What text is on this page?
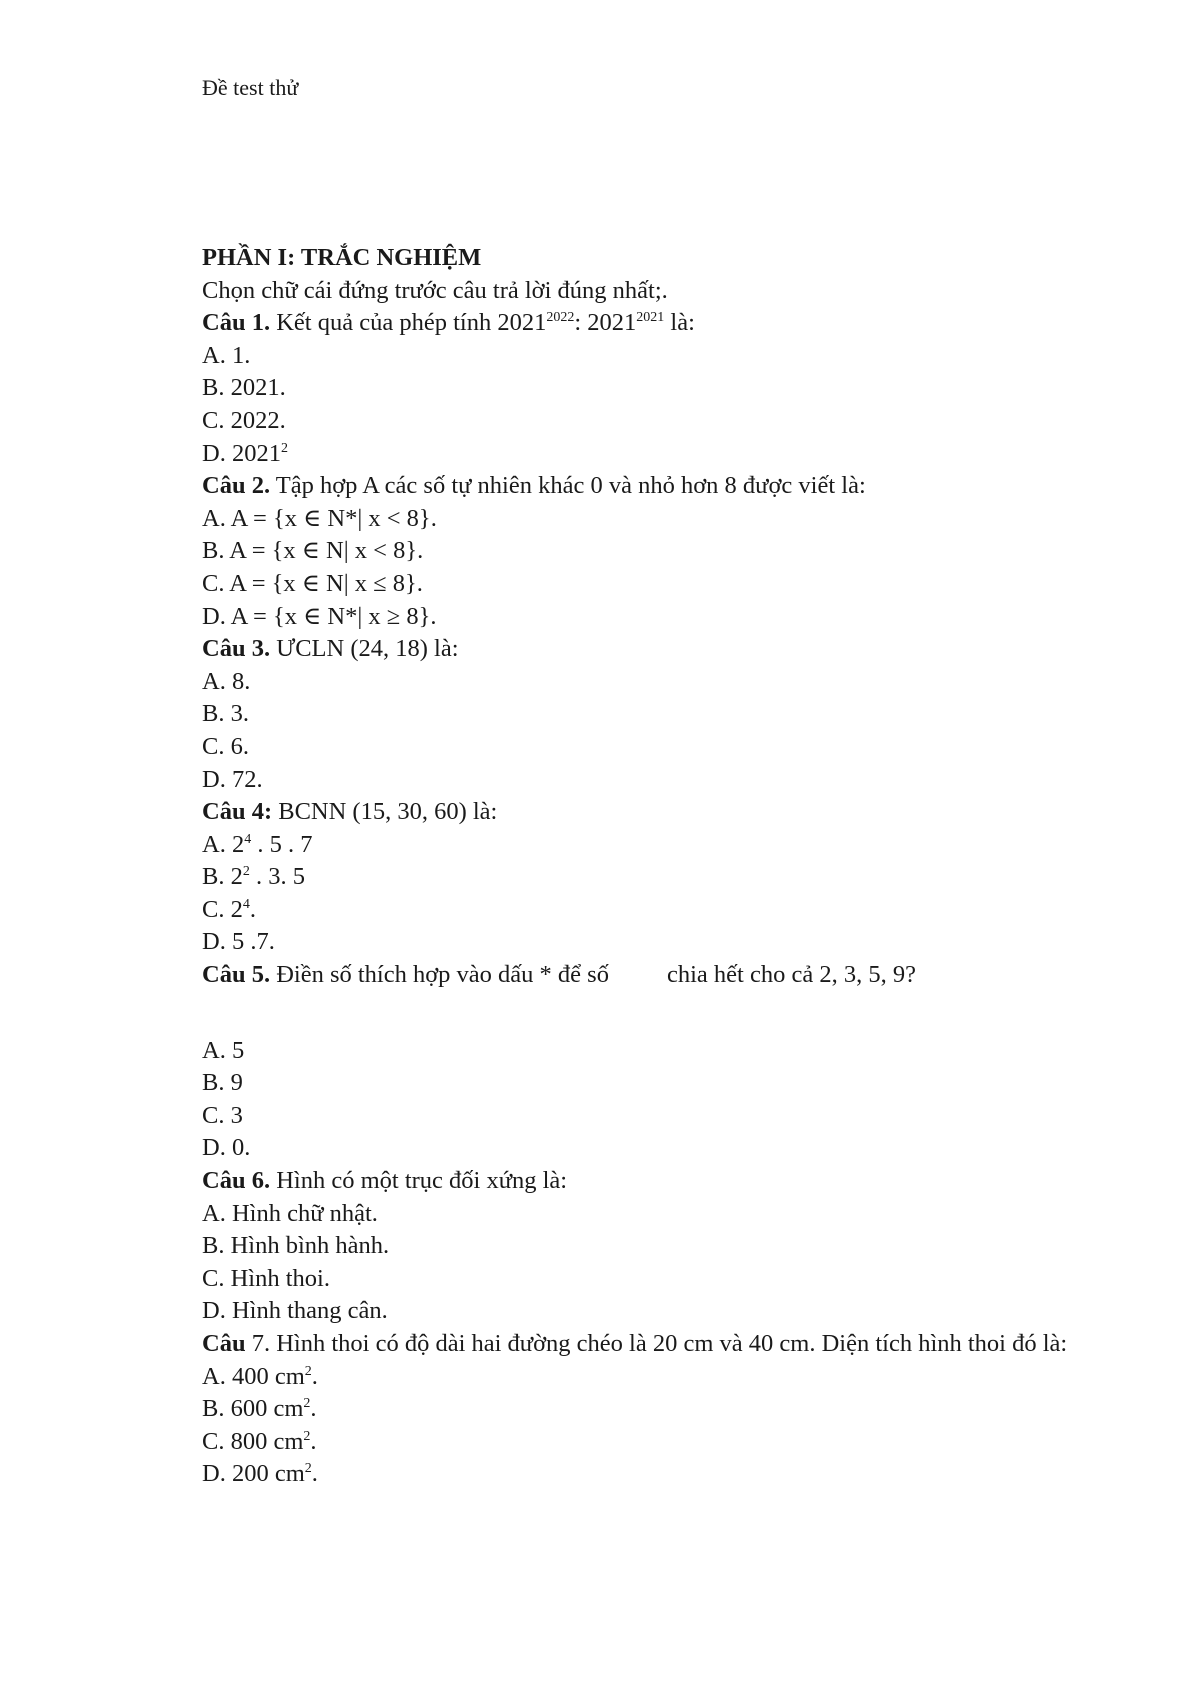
Đề test thử
PHẦN I: TRẮC NGHIỆM
Chọn chữ cái đứng trước câu trả lời đúng nhất;.
Câu 1. Kết quả của phép tính $2021^{2022}$: $2021^{2021}$ là:
A. 1.
B. 2021.
C. 2022.
D. 2021$^2$
Câu 2. Tập hợp A các số tự nhiên khác 0 và nhỏ hơn 8 được viết là:
A. A = {x ∈ N*| x < 8}.
B. A = {x ∈ N| x < 8}.
C. A = {x ∈ N| x ≤ 8}.
D. A = {x ∈ N*| x ≥ 8}.
Câu 3. ƯCLN (24, 18) là:
A. 8.
B. 3.
C. 6.
D. 72.
Câu 4: BCNN (15, 30, 60) là:
A. $2^4$ . 5 . 7
B. $2^2$ . 3. 5
C. $2^4$.
D. 5 .7.
Câu 5. Điền số thích hợp vào dấu * để số chia hết cho cả 2, 3, 5, 9?
A. 5
B. 9
C. 3
D. 0.
Câu 6. Hình có một trục đối xứng là:
A. Hình chữ nhật.
B. Hình bình hành.
C. Hình thoi.
D. Hình thang cân.
Câu 7. Hình thoi có độ dài hai đường chéo là 20 cm và 40 cm. Diện tích hình thoi đó là:
A. 400 $cm^2$.
B. 600 $cm^2$.
C. 800 $cm^2$.
D. 200 $cm^2$.
